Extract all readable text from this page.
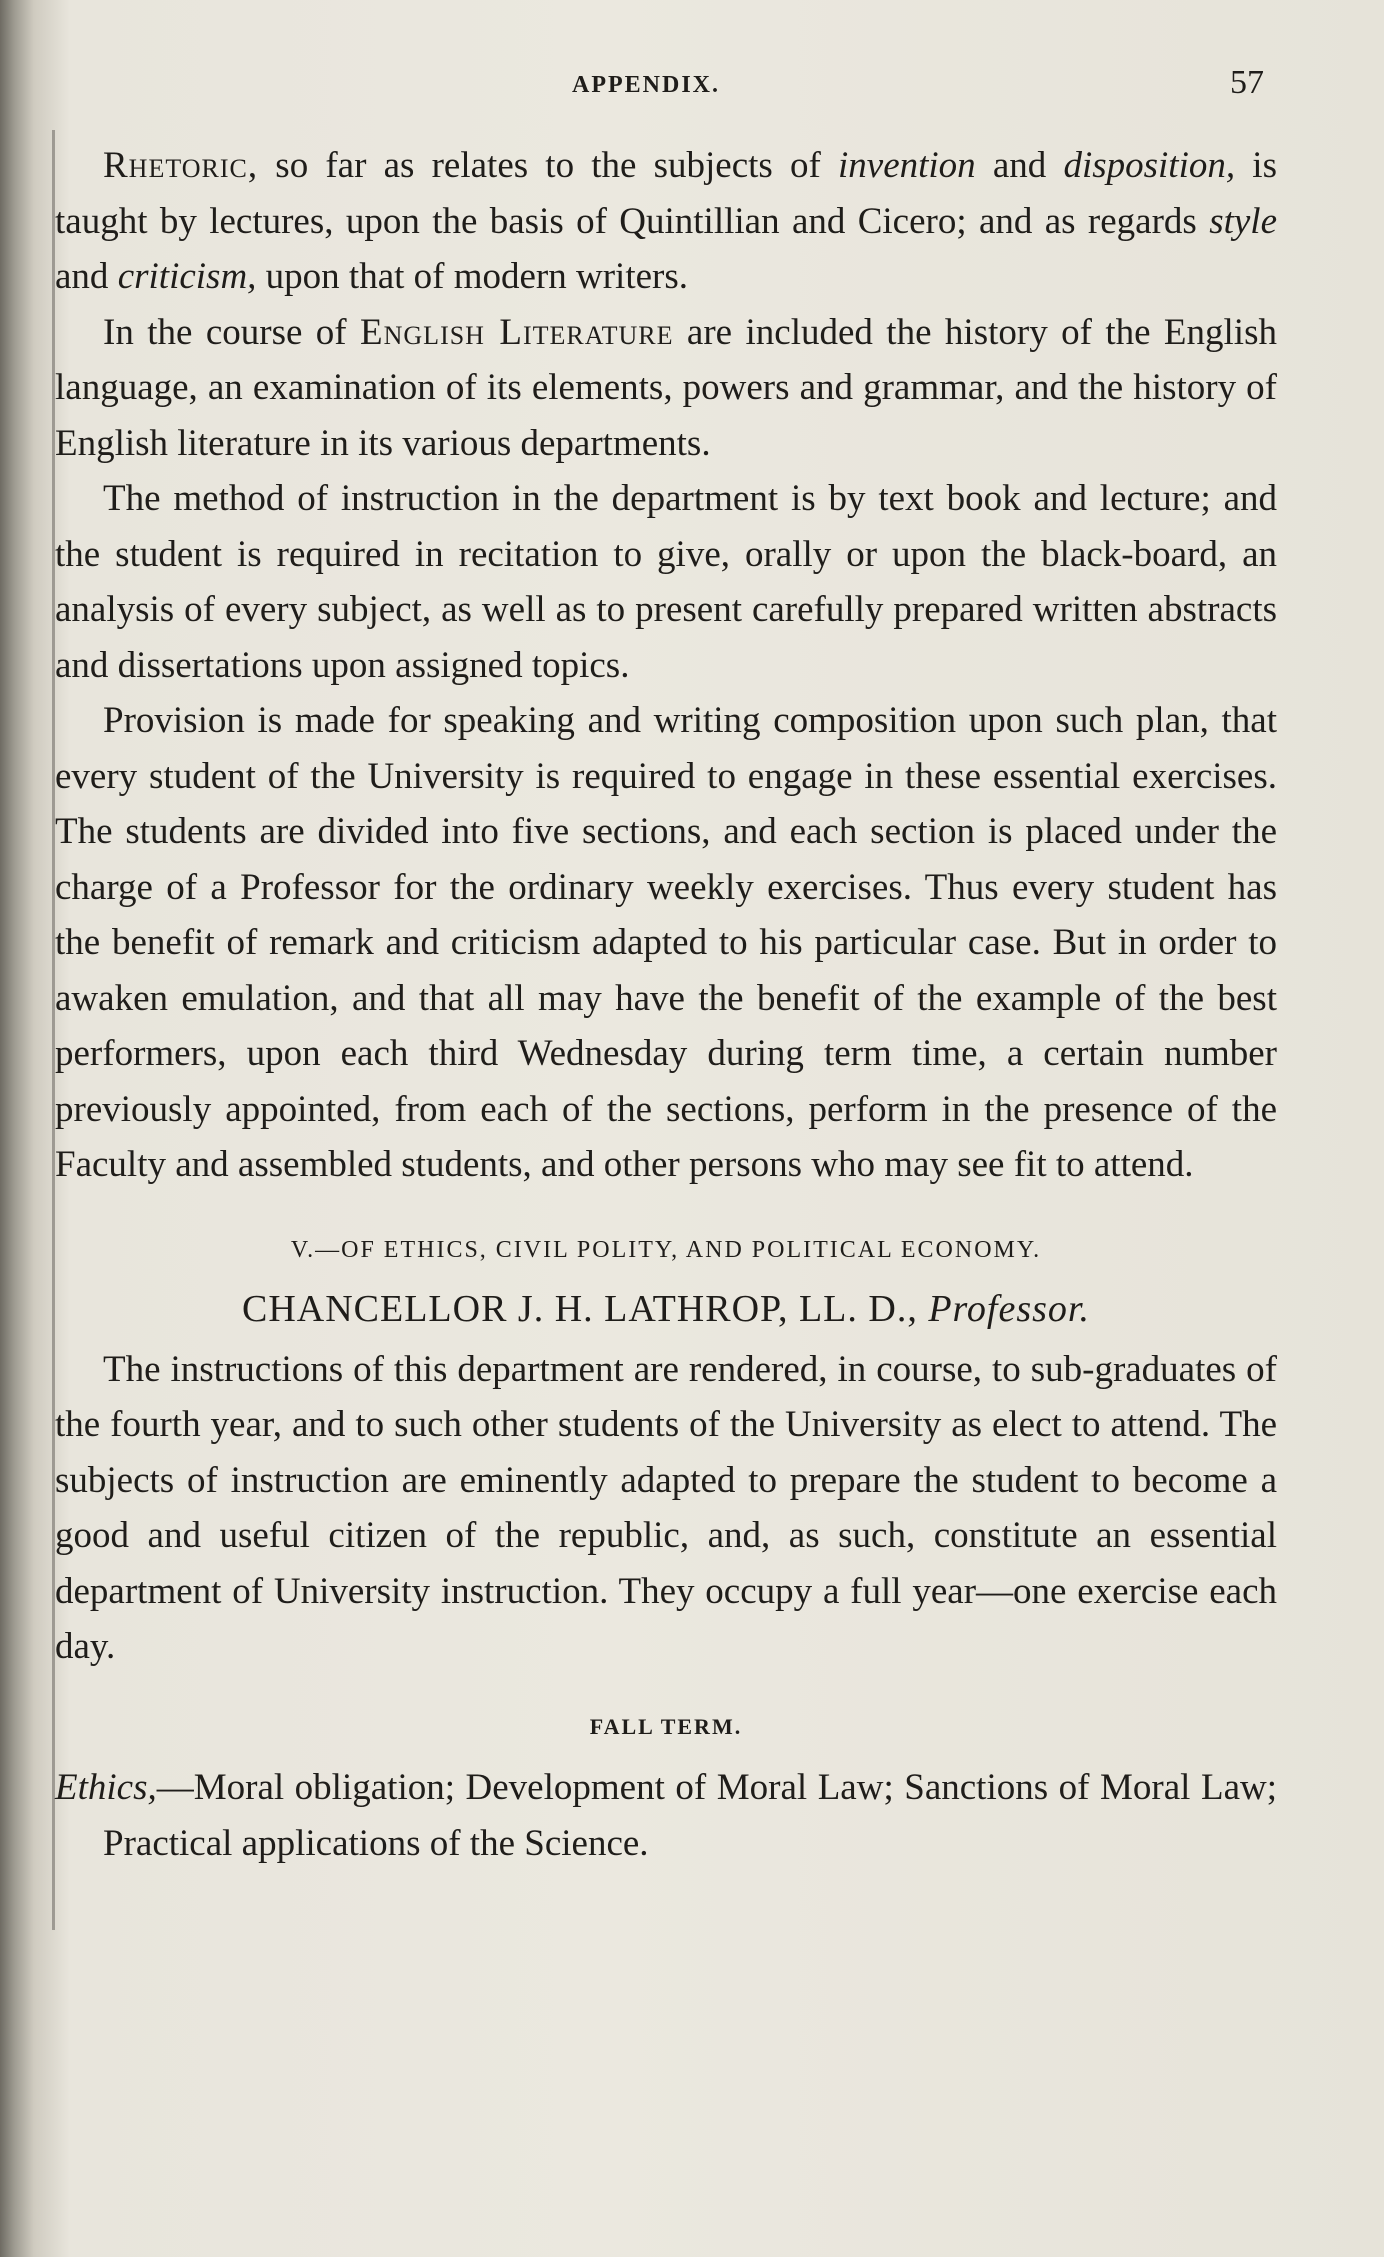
APPENDIX.	57

Rhetoric, so far as relates to the subjects of invention and disposition, is taught by lectures, upon the basis of Quintillian and Cicero; and as regards style and criticism, upon that of modern writers.

In the course of English Literature are included the history of the English language, an examination of its elements, powers and grammar, and the history of English literature in its various departments.

The method of instruction in the department is by text book and lecture; and the student is required in recitation to give, orally or upon the black-board, an analysis of every subject, as well as to present carefully prepared written abstracts and dissertations upon assigned topics.

Provision is made for speaking and writing composition upon such plan, that every student of the University is required to engage in these essential exercises. The students are divided into five sections, and each section is placed under the charge of a Professor for the ordinary weekly exercises. Thus every student has the benefit of remark and criticism adapted to his particular case. But in order to awaken emulation, and that all may have the benefit of the example of the best performers, upon each third Wednesday during term time, a certain number previously appointed, from each of the sections, perform in the presence of the Faculty and assembled students, and other persons who may see fit to attend.

V.—OF ETHICS, CIVIL POLITY, AND POLITICAL ECONOMY.
CHANCELLOR J. H. LATHROP, LL. D., Professor.

The instructions of this department are rendered, in course, to sub-graduates of the fourth year, and to such other students of the University as elect to attend. The subjects of instruction are eminently adapted to prepare the student to become a good and useful citizen of the republic, and, as such, constitute an essential department of University instruction. They occupy a full year—one exercise each day.

FALL TERM.

Ethics,—Moral obligation; Development of Moral Law; Sanctions of Moral Law; Practical applications of the Science.
